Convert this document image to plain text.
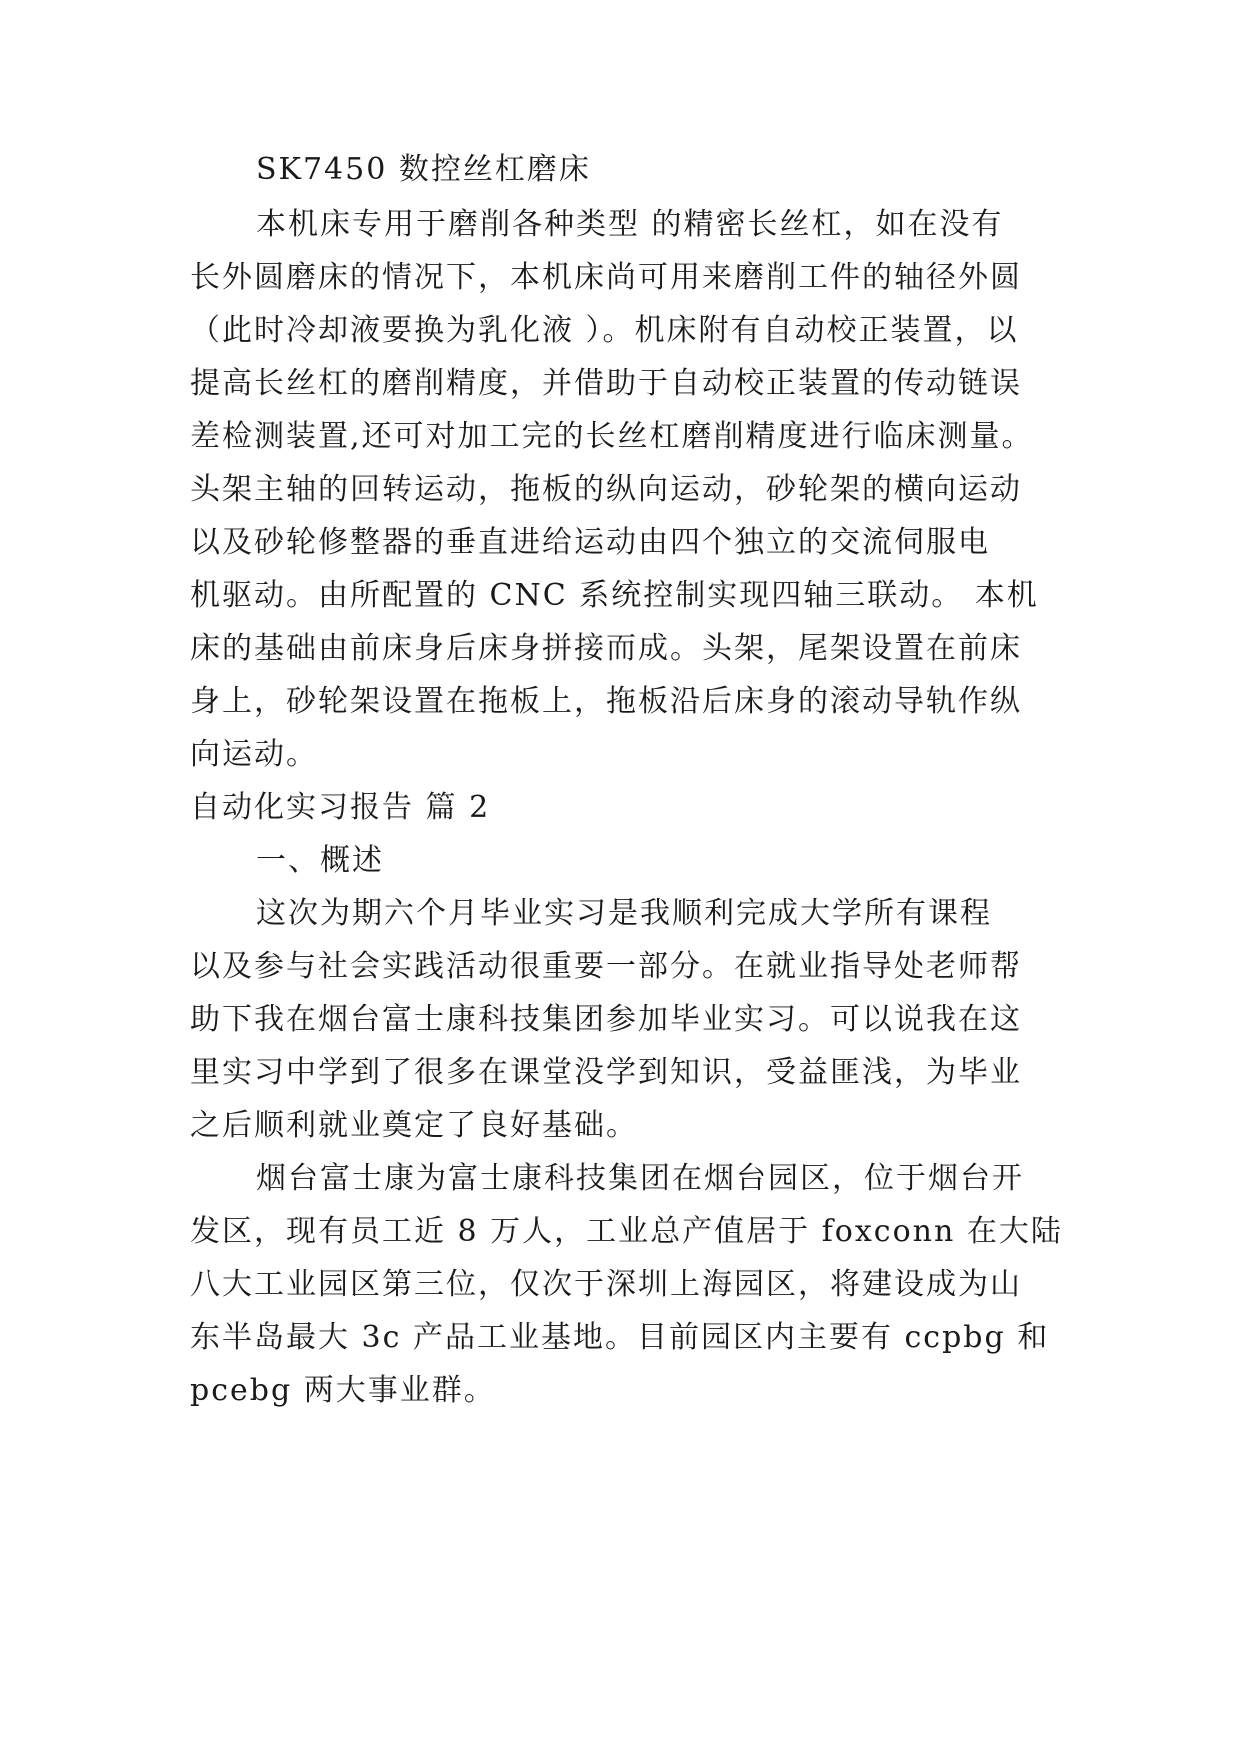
SK7450 数控丝杠磨床
本机床专用于磨削各种类型 的精密长丝杠，如在没有
长外圆磨床的情况下，本机床尚可用来磨削工件的轴径外圆
（此时冷却液要换为乳化液 ）。机床附有自动校正装置，以
提高长丝杠的磨削精度，并借助于自动校正装置的传动链误
差检测装置,还可对加工完的长丝杠磨削精度进行临床测量。
头架主轴的回转运动，拖板的纵向运动，砂轮架的横向运动
以及砂轮修整器的垂直进给运动由四个独立的交流伺服电
机驱动。由所配置的 CNC 系统控制实现四轴三联动。 本机
床的基础由前床身后床身拼接而成。头架，尾架设置在前床
身上，砂轮架设置在拖板上，拖板沿后床身的滚动导轨作纵
向运动。
自动化实习报告 篇 2
一、概述
这次为期六个月毕业实习是我顺利完成大学所有课程
以及参与社会实践活动很重要一部分。在就业指导处老师帮
助下我在烟台富士康科技集团参加毕业实习。可以说我在这
里实习中学到了很多在课堂没学到知识，受益匪浅，为毕业
之后顺利就业奠定了良好基础。
烟台富士康为富士康科技集团在烟台园区，位于烟台开
发区，现有员工近 8 万人，工业总产值居于 foxconn 在大陆
八大工业园区第三位，仅次于深圳上海园区，将建设成为山
东半岛最大 3c 产品工业基地。目前园区内主要有 ccpbg 和
pcebg 两大事业群。
